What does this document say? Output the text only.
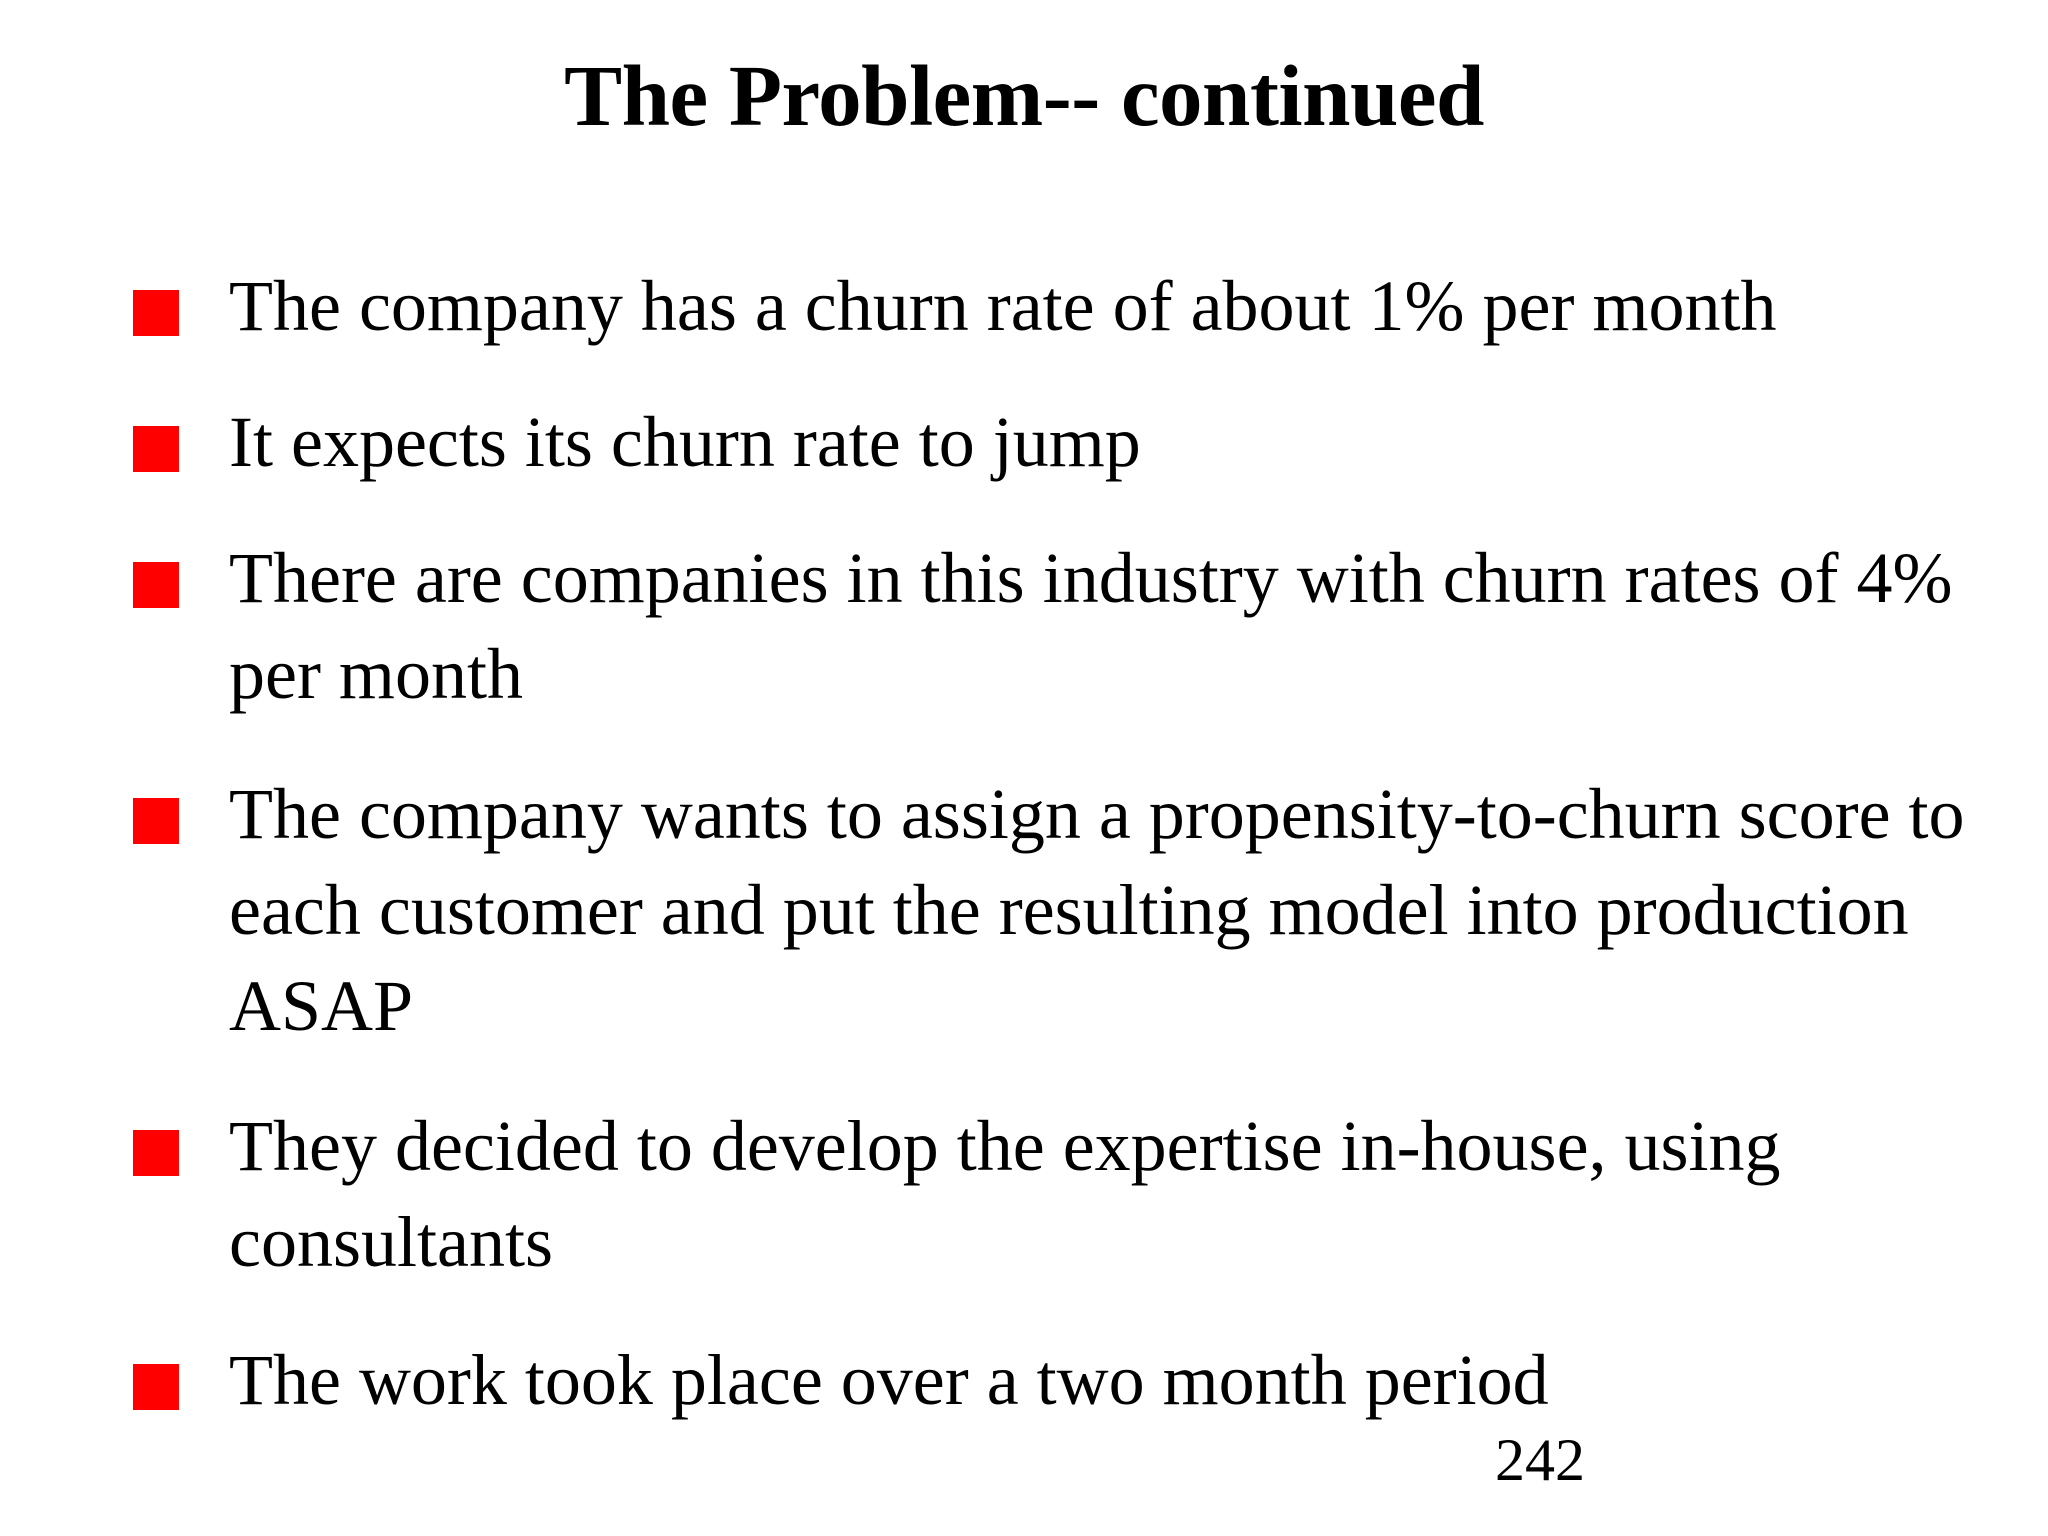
The Problem-- continued
The company has a churn rate of about 1% per month
It expects its churn rate to jump
There are companies in this industry with churn rates of 4% per month
The company wants to assign a propensity-to-churn score to each customer and put the resulting model into production ASAP
They decided to develop the expertise in-house, using consultants
The work took place over a two month period
242
